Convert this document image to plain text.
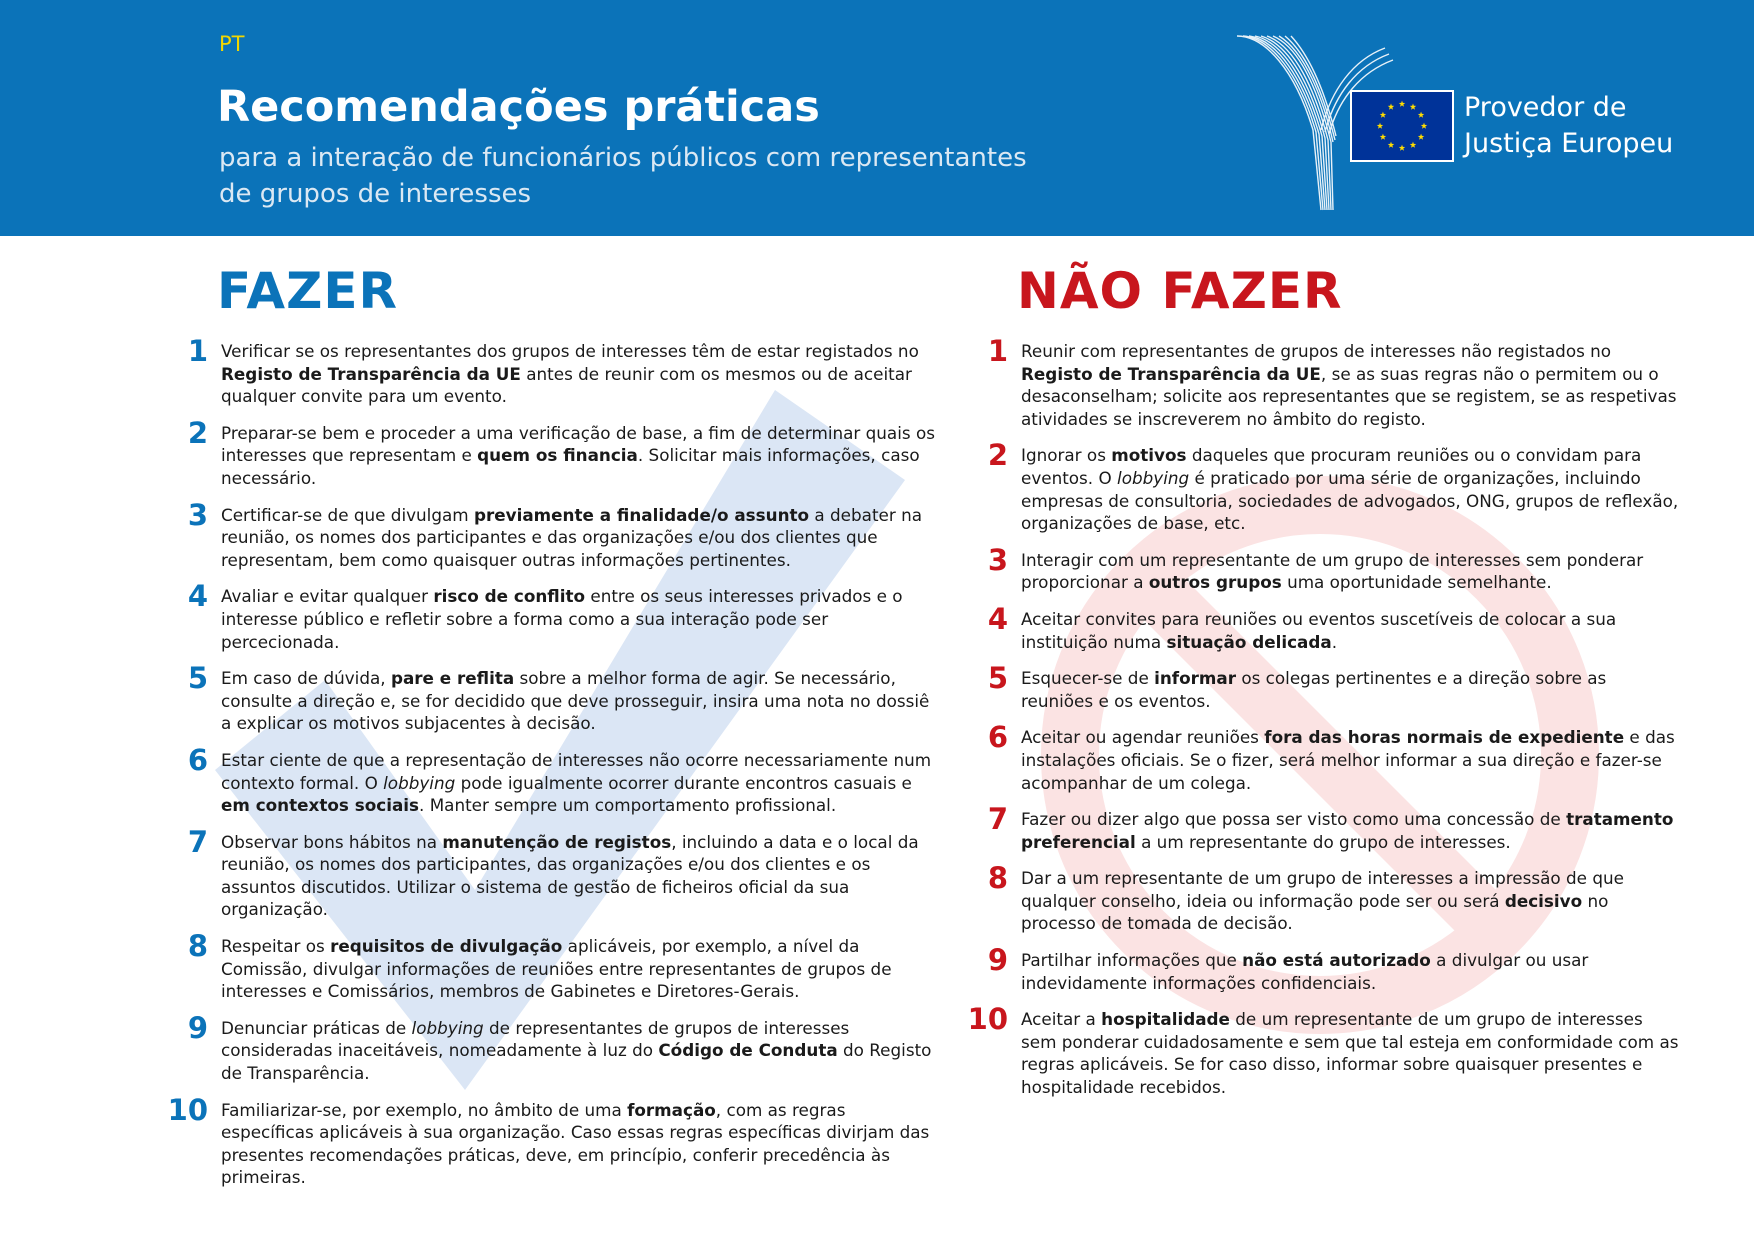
PT
Recomendações práticas
para a interação de funcionários públicos com representantes
de grupos de interesses
Provedor de
Justiça Europeu
FAZER	NÃO FAZER
1 Verificar se os representantes dos grupos de interesses têm de estar registados no Registo de Transparência da UE antes de reunir com os mesmos ou de aceitar qualquer convite para um evento.
2 Preparar-se bem e proceder a uma verificação de base, a fim de determinar quais os interesses que representam e quem os financia. Solicitar mais informações, caso necessário.
3 Certificar-se de que divulgam previamente a finalidade/o assunto a debater na reunião, os nomes dos participantes e das organizações e/ou dos clientes que representam, bem como quaisquer outras informações pertinentes.
4 Avaliar e evitar qualquer risco de conflito entre os seus interesses privados e o interesse público e refletir sobre a forma como a sua interação pode ser percecionada.
5 Em caso de dúvida, pare e reflita sobre a melhor forma de agir. Se necessário, consulte a direção e, se for decidido que deve prosseguir, insira uma nota no dossiê a explicar os motivos subjacentes à decisão.
6 Estar ciente de que a representação de interesses não ocorre necessariamente num contexto formal. O lobbying pode igualmente ocorrer durante encontros casuais e em contextos sociais. Manter sempre um comportamento profissional.
7 Observar bons hábitos na manutenção de registos, incluindo a data e o local da reunião, os nomes dos participantes, das organizações e/ou dos clientes e os assuntos discutidos. Utilizar o sistema de gestão de ficheiros oficial da sua organização.
8 Respeitar os requisitos de divulgação aplicáveis, por exemplo, a nível da Comissão, divulgar informações de reuniões entre representantes de grupos de interesses e Comissários, membros de Gabinetes e Diretores-Gerais.
9 Denunciar práticas de lobbying de representantes de grupos de interesses consideradas inaceitáveis, nomeadamente à luz do Código de Conduta do Registo de Transparência.
10 Familiarizar-se, por exemplo, no âmbito de uma formação, com as regras específicas aplicáveis à sua organização. Caso essas regras específicas divirjam das presentes recomendações práticas, deve, em princípio, conferir precedência às primeiras.
1 Reunir com representantes de grupos de interesses não registados no Registo de Transparência da UE, se as suas regras não o permitem ou o desaconselham; solicite aos representantes que se registem, se as respetivas atividades se inscreverem no âmbito do registo.
2 Ignorar os motivos daqueles que procuram reuniões ou o convidam para eventos. O lobbying é praticado por uma série de organizações, incluindo empresas de consultoria, sociedades de advogados, ONG, grupos de reflexão, organizações de base, etc.
3 Interagir com um representante de um grupo de interesses sem ponderar proporcionar a outros grupos uma oportunidade semelhante.
4 Aceitar convites para reuniões ou eventos suscetíveis de colocar a sua instituição numa situação delicada.
5 Esquecer-se de informar os colegas pertinentes e a direção sobre as reuniões e os eventos.
6 Aceitar ou agendar reuniões fora das horas normais de expediente e das instalações oficiais. Se o fizer, será melhor informar a sua direção e fazer-se acompanhar de um colega.
7 Fazer ou dizer algo que possa ser visto como uma concessão de tratamento preferencial a um representante do grupo de interesses.
8 Dar a um representante de um grupo de interesses a impressão de que qualquer conselho, ideia ou informação pode ser ou será decisivo no processo de tomada de decisão.
9 Partilhar informações que não está autorizado a divulgar ou usar indevidamente informações confidenciais.
10 Aceitar a hospitalidade de um representante de um grupo de interesses sem ponderar cuidadosamente e sem que tal esteja em conformidade com as regras aplicáveis. Se for caso disso, informar sobre quaisquer presentes e hospitalidade recebidos.
